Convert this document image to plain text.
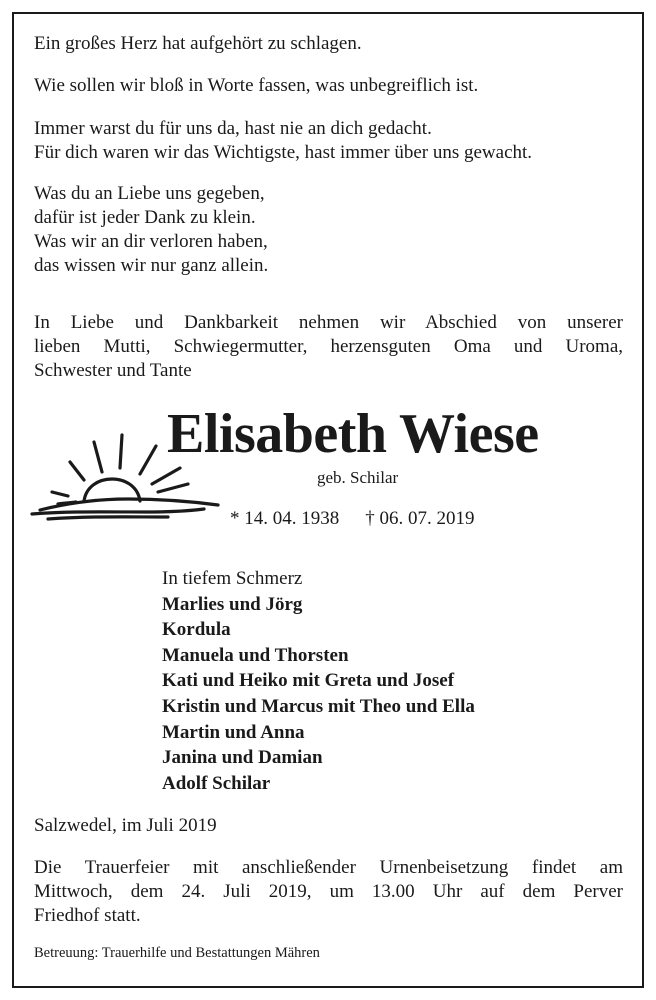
Ein großes Herz hat aufgehört zu schlagen.

Wie sollen wir bloß in Worte fassen, was unbegreiflich ist.

Immer warst du für uns da, hast nie an dich gedacht.
Für dich waren wir das Wichtigste, hast immer über uns gewacht.
Was du an Liebe uns gegeben,
dafür ist jeder Dank zu klein.
Was wir an dir verloren haben,
das wissen wir nur ganz allein.
In Liebe und Dankbarkeit nehmen wir Abschied von unserer
lieben Mutti, Schwiegermutter, herzensguten Oma und Uroma,
Schwester und Tante
Elisabeth Wiese
geb. Schilar
* 14. 04. 1938 † 06. 07. 2019
In tiefem Schmerz
Marlies und Jörg
Kordula
Manuela und Thorsten
Kati und Heiko mit Greta und Josef
Kristin und Marcus mit Theo und Ella
Martin und Anna
Janina und Damian
Adolf Schilar

Salzwedel, im Juli 2019

Die Trauerfeier mit anschließender Urnenbeisetzung findet am
Mittwoch, dem 24. Juli 2019, um 13.00 Uhr auf dem Perver
Friedhof statt.
Betreuung: Trauerhilfe und Bestattungen Mähren
